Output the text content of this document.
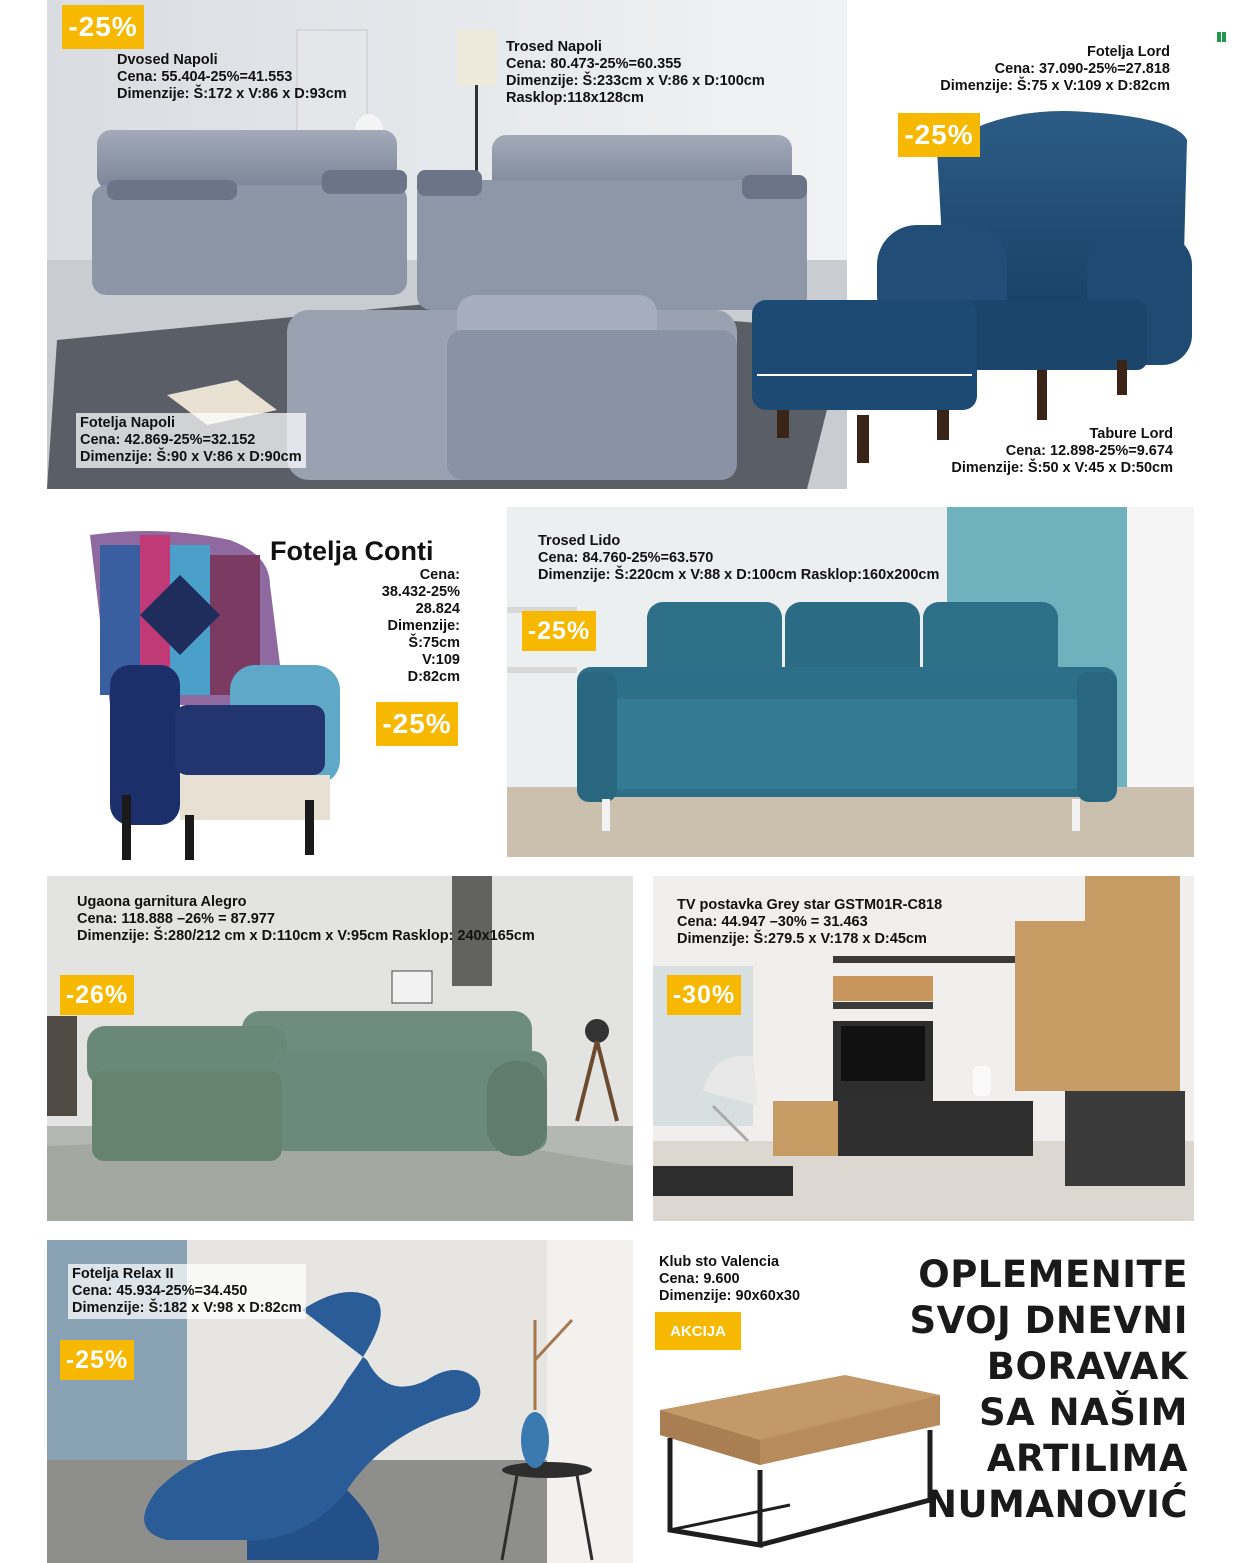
-25%
Dvosed Napoli
Cena: 55.404-25%=41.553
Dimenzije: Š:172 x V:86 x D:93cm
Trosed Napoli
Cena: 80.473-25%=60.355
Dimenzije: Š:233cm x V:86 x D:100cm
Rasklop:118x128cm
Fotelja Lord
Cena: 37.090-25%=27.818
Dimenzije: Š:75 x V:109 x D:82cm
-25%
Fotelja Napoli
Cena: 42.869-25%=32.152
Dimenzije: Š:90 x V:86 x D:90cm
Tabure Lord
Cena: 12.898-25%=9.674
Dimenzije: Š:50 x V:45 x D:50cm
Fotelja Conti
Cena:
38.432-25%
28.824
Dimenzije:
Š:75cm
V:109
D:82cm
-25%
Trosed Lido
Cena: 84.760-25%=63.570
Dimenzije: Š:220cm x V:88 x D:100cm Rasklop:160x200cm
-25%
Ugaona garnitura Alegro
Cena: 118.888 –26% = 87.977
Dimenzije: Š:280/212 cm x D:110cm x V:95cm Rasklop: 240x165cm
-26%
TV postavka Grey star GSTM01R-C818
Cena: 44.947 –30% = 31.463
Dimenzije: Š:279.5 x V:178 x D:45cm
-30%
Fotelja Relax II
Cena: 45.934-25%=34.450
Dimenzije: Š:182 x V:98 x D:82cm
-25%
Klub sto Valencia
Cena: 9.600
Dimenzije: 90x60x30
AKCIJA
OPLEMENITE
SVOJ DNEVNI
BORAVAK
SA NAŠIM
ARTILIMA
NUMANOVIĆ
